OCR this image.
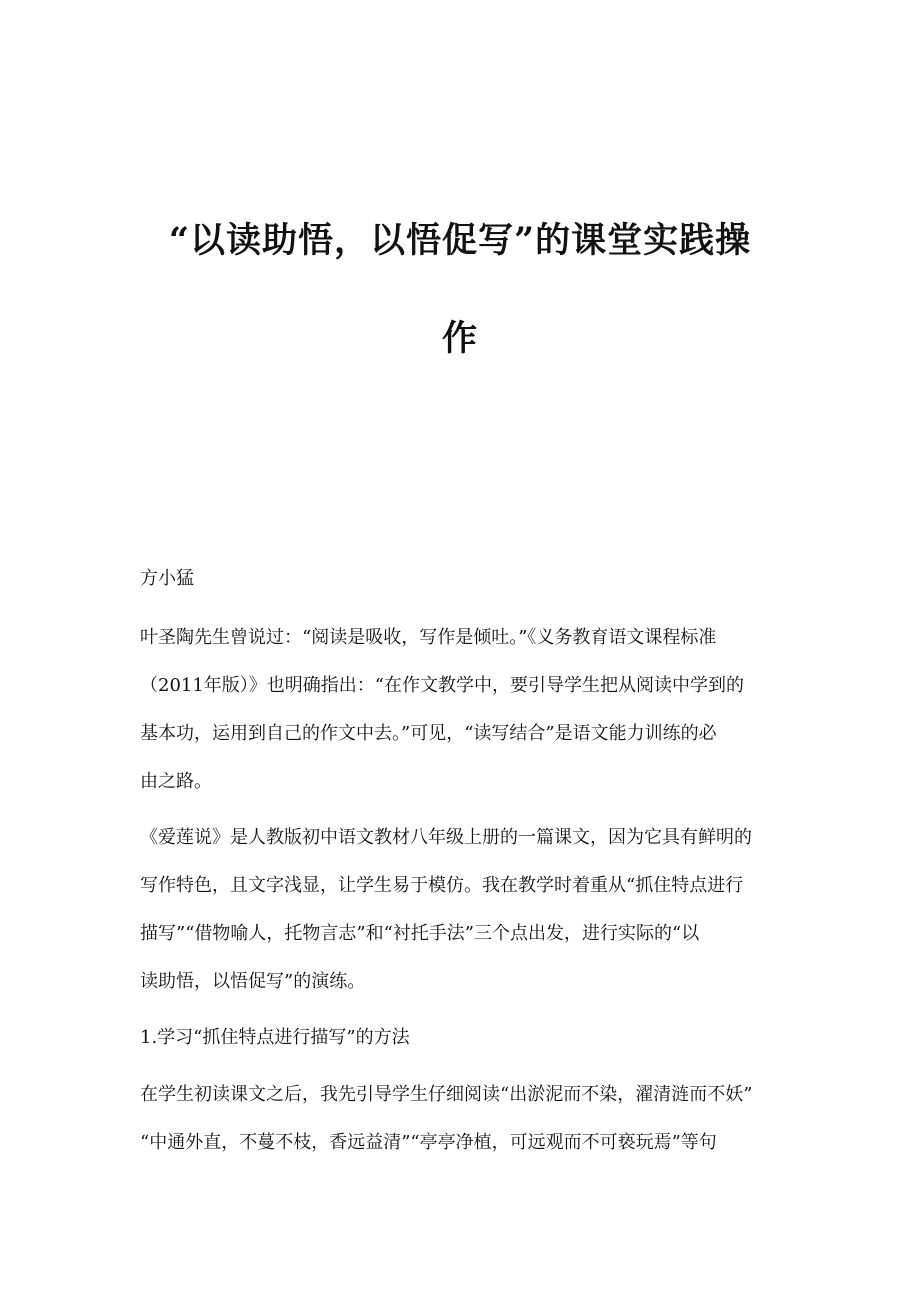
“以读助悟，以悟促写”的课堂实践操
作
方小猛
叶圣陶先生曾说过：“阅读是吸收，写作是倾吐。”《义务教育语文课程标准
（2011年版）》也明确指出：“在作文教学中，要引导学生把从阅读中学到的
基本功，运用到自己的作文中去。”可见，“读写结合”是语文能力训练的必
由之路。
《爱莲说》是人教版初中语文教材八年级上册的一篇课文，因为它具有鲜明的
写作特色，且文字浅显，让学生易于模仿。我在教学时着重从“抓住特点进行
描写”“借物喻人，托物言志”和“衬托手法”三个点出发，进行实际的“以
读助悟，以悟促写”的演练。
1.学习“抓住特点进行描写”的方法
在学生初读课文之后，我先引导学生仔细阅读“出淤泥而不染，濯清涟而不妖”
“中通外直，不蔓不枝，香远益清”“亭亭净植，可远观而不可亵玩焉”等句
